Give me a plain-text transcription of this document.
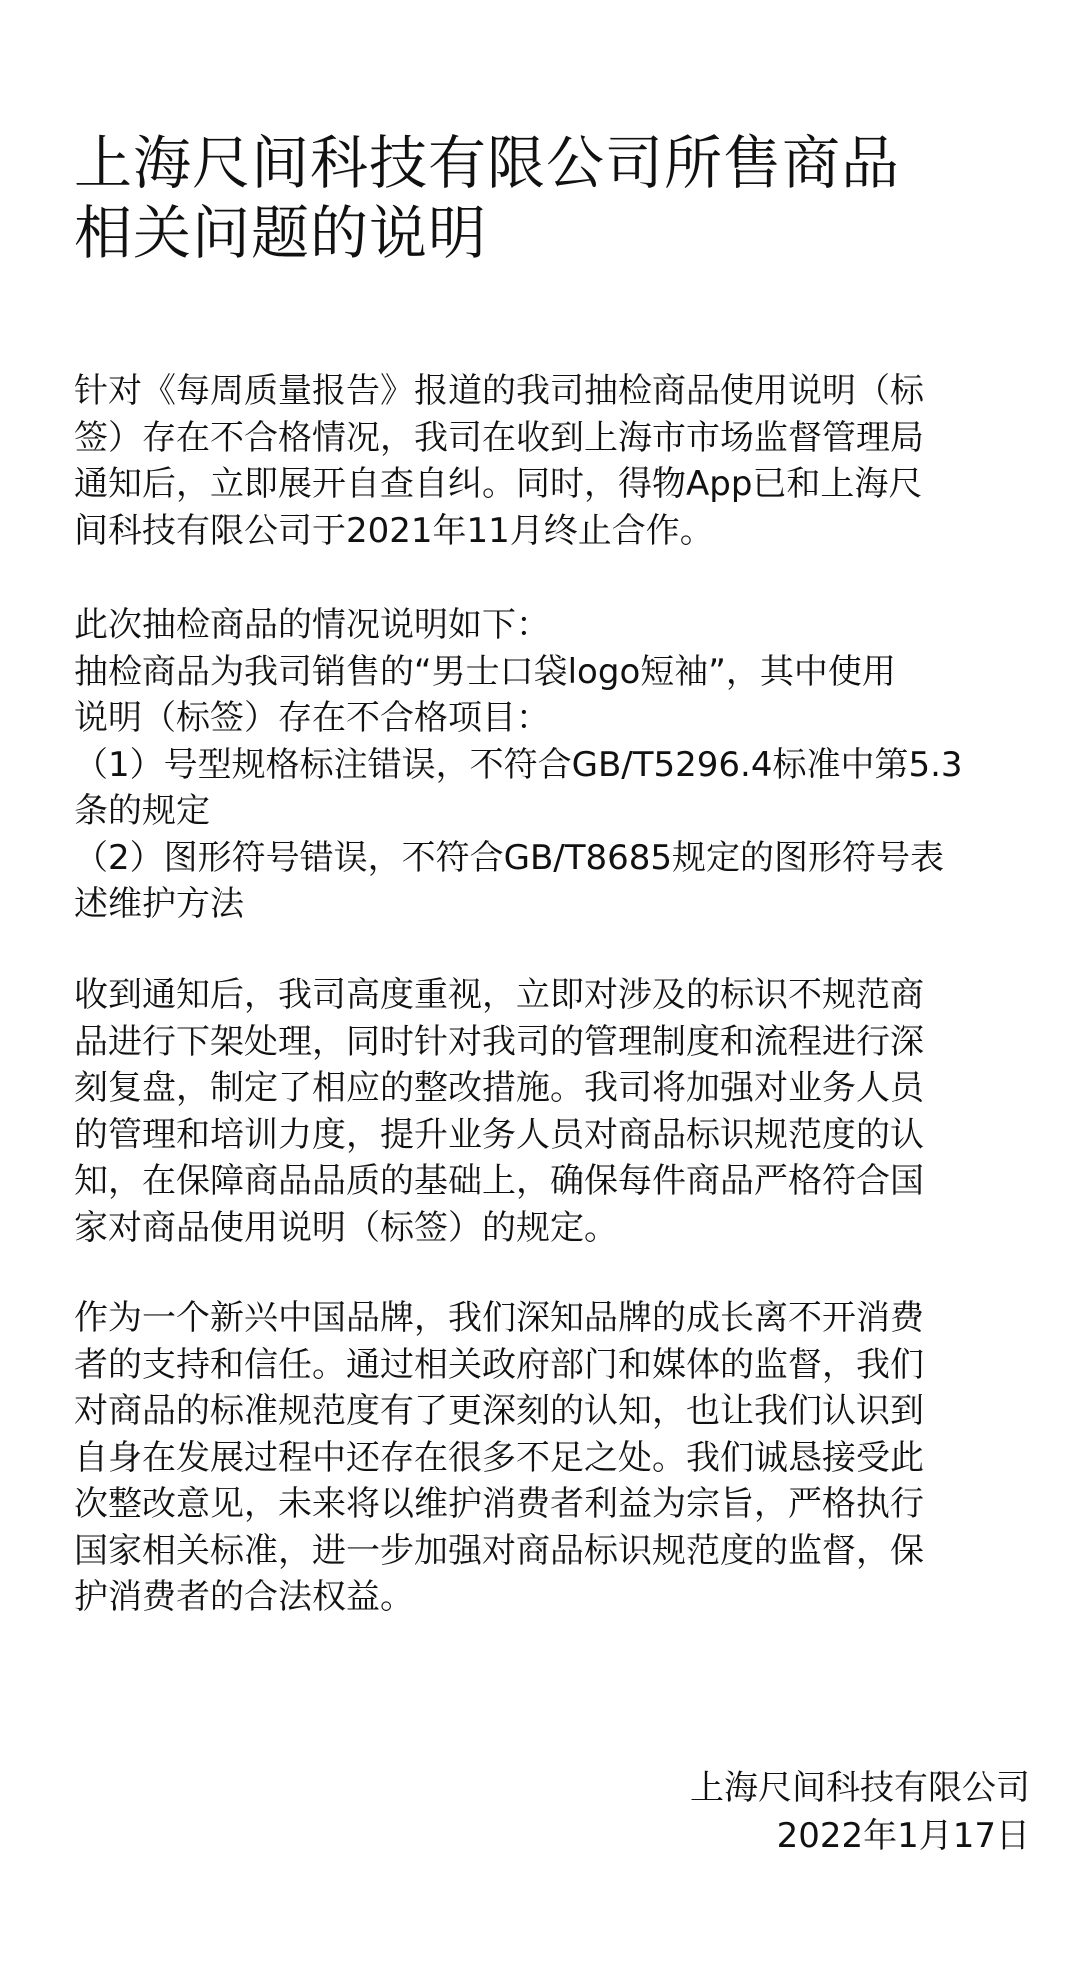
上海尺间科技有限公司所售商品
相关问题的说明
针对《每周质量报告》报道的我司抽检商品使用说明（标
签）存在不合格情况，我司在收到上海市市场监督管理局
通知后，立即展开自查自纠。同时，得物App已和上海尺
间科技有限公司于2021年11月终止合作。
此次抽检商品的情况说明如下：
抽检商品为我司销售的“男士口袋logo短袖”，其中使用
说明（标签）存在不合格项目：
（1）号型规格标注错误，不符合GB/T5296.4标准中第5.3
条的规定
（2）图形符号错误，不符合GB/T8685规定的图形符号表
述维护方法
收到通知后，我司高度重视，立即对涉及的标识不规范商
品进行下架处理，同时针对我司的管理制度和流程进行深
刻复盘，制定了相应的整改措施。我司将加强对业务人员
的管理和培训力度，提升业务人员对商品标识规范度的认
知，在保障商品品质的基础上，确保每件商品严格符合国
家对商品使用说明（标签）的规定。
作为一个新兴中国品牌，我们深知品牌的成长离不开消费
者的支持和信任。通过相关政府部门和媒体的监督，我们
对商品的标准规范度有了更深刻的认知，也让我们认识到
自身在发展过程中还存在很多不足之处。我们诚恳接受此
次整改意见，未来将以维护消费者利益为宗旨，严格执行
国家相关标准，进一步加强对商品标识规范度的监督，保
护消费者的合法权益。
上海尺间科技有限公司
2022年1月17日
